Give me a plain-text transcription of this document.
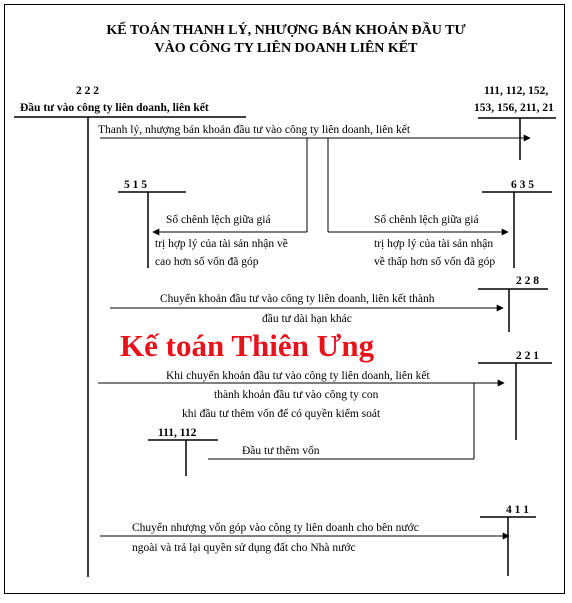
KẾ TOÁN THANH LÝ, NHƯỢNG BÁN KHOẢN ĐẦU TƯ
VÀO CÔNG TY LIÊN DOANH LIÊN KẾT
2 2 2
Đầu tư vào công ty liên doanh, liên kết
111, 112, 152,
153, 156, 211, 21
5 1 5	6 3 5
2 2 8
2 2 1
111, 112
4 1 1
Thanh lý, nhượng bán khoản đầu tư vào công ty liên doanh, liên kết
Số chênh lệch giữa giá
trị hợp lý của tài sản nhận về
cao hơn số vốn đã góp
Số chênh lệch giữa giá
trị hợp lý của tài sản nhận
về thấp hơn số vốn đã góp
Chuyển khoản đầu tư vào công ty liên doanh, liên kết thành
đầu tư dài hạn khác
Kế toán Thiên Ưng
Khi chuyển khoản đầu tư vào công ty liên doanh, liên kết
thành khoản đầu tư vào công ty con
khi đầu tư thêm vốn để có quyền kiểm soát
Đầu tư thêm vốn
Chuyển nhượng vốn góp vào công ty liên doanh cho bên nước
ngoài và trả lại quyền sử dụng đất cho Nhà nước
